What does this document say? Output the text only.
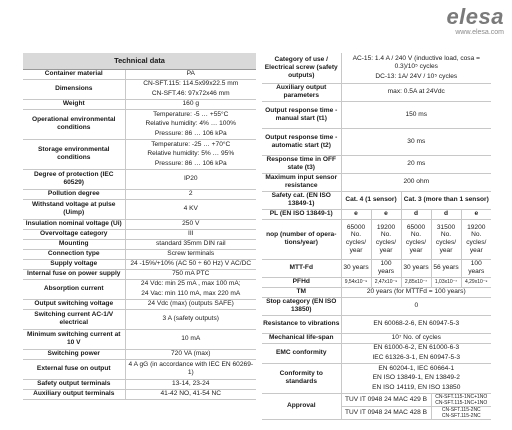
elesa
www.elesa.com
Technical data	
Container material	PA

Dimensions	CN-SFT.115: 114.5x99x22.5 mm
CN-SFT.46: 97x72x46 mm

Weight	160 g

Operational environmental conditions	Temperature: -5 … +55°C
Relative humidity: 4% … 100%
Pressure: 86 … 106 kPa

Storage environmental conditions	Temperature: -25 … +70°C
Relative humidity: 5% … 95%
Pressure: 86 … 106 kPa

Degree of protection (IEC 60529)	IP20

Pollution degree	2

Withstand voltage at pulse (Uimp)	4 KV

Insulation nominal voltage (Ui)	250 V

Overvoltage category	III

Mounting	standard 35mm DIN rail

Connection type	Screw terminals

Supply voltage	24 -15%/+10% (AC 50 ÷ 60 Hz) V AC/DC

Internal fuse on power supply	750 mA PTC

Absorption current	24 Vdc: min 25 mA , max 100 mA;
24 Vac: min 110 mA, max 220 mA

Output switching voltage	24 Vdc (max) (outputs SAFE)

Switching current AC-1/V electrical	3 A (safety outputs)

Minimum switching current at 10 V	10 mA

Switching power	720 VA (max)

External fuse on output	4 A gG (in accordance with IEC EN 60269-1)

Safety output terminals	13-14, 23-24

Auxiliary output terminals	41-42 NO, 41-54 NC
Category of use / Electrical screw (safety outputs)	AC-15: 1.4 A / 240 V (inductive load, cosa = 0.3)/10⁵ cycles
DC-13: 1A/ 24V / 10⁵ cycles				

Auxiliary output parameters	max: 0.5A at 24Vdc				
Output response time - manual start (t1)	150 ms				
Output response time - automatic start (t2)	30 ms				
Response time in OFF state (t3)	20 ms				
Maximum input sensor resistance	200 ohm				
Safety cat. (EN ISO 13849-1)	Cat. 4 (1 sensor)		Cat. 3 (more than 1 sensor)		
PL (EN ISO 13849-1)	e	e	d	d	e
nop (number of opera-tions/year)	65000 No. cycles/ year	19200 No. cycles/ year	65000 No. cycles/ year	31500 No. cycles/ year	19200 No. cycles/ year
MTT-Fd	30 years	100 years	30 years	56 years	100 years
PFHd	9,54x10⁻⁹	2,47x10⁻⁹	2,85x10⁻⁷	1,03x10⁻⁷	4,29x10⁻⁹
TM	20 years (for MTTFd = 100 years)				
Stop category (EN ISO 13850)	0				
Resistance to vibrations	EN 60068-2-6, EN 60947-5-3				
Mechanical life-span	10⁷ No. of cycles				
EMC conformity	EN 61000-6-2, EN 61000-6-3
IEC 61326-3-1, EN 60947-5-3				

Conformity to standards	EN 60204-1, IEC 60664-1
EN ISO 13849-1, EN 13849-2
EN ISO 14119, EN ISO 13850				

Approval	TUV IT 0948 24 MAC 429 B			CN-SFT.115-1NC+1NO
CN-SFT.115-1NC+1NO	

	TUV IT 0948 24 MAC 428 B			CN-SFT.115-2NC
CN-SFT.115-2NC	
